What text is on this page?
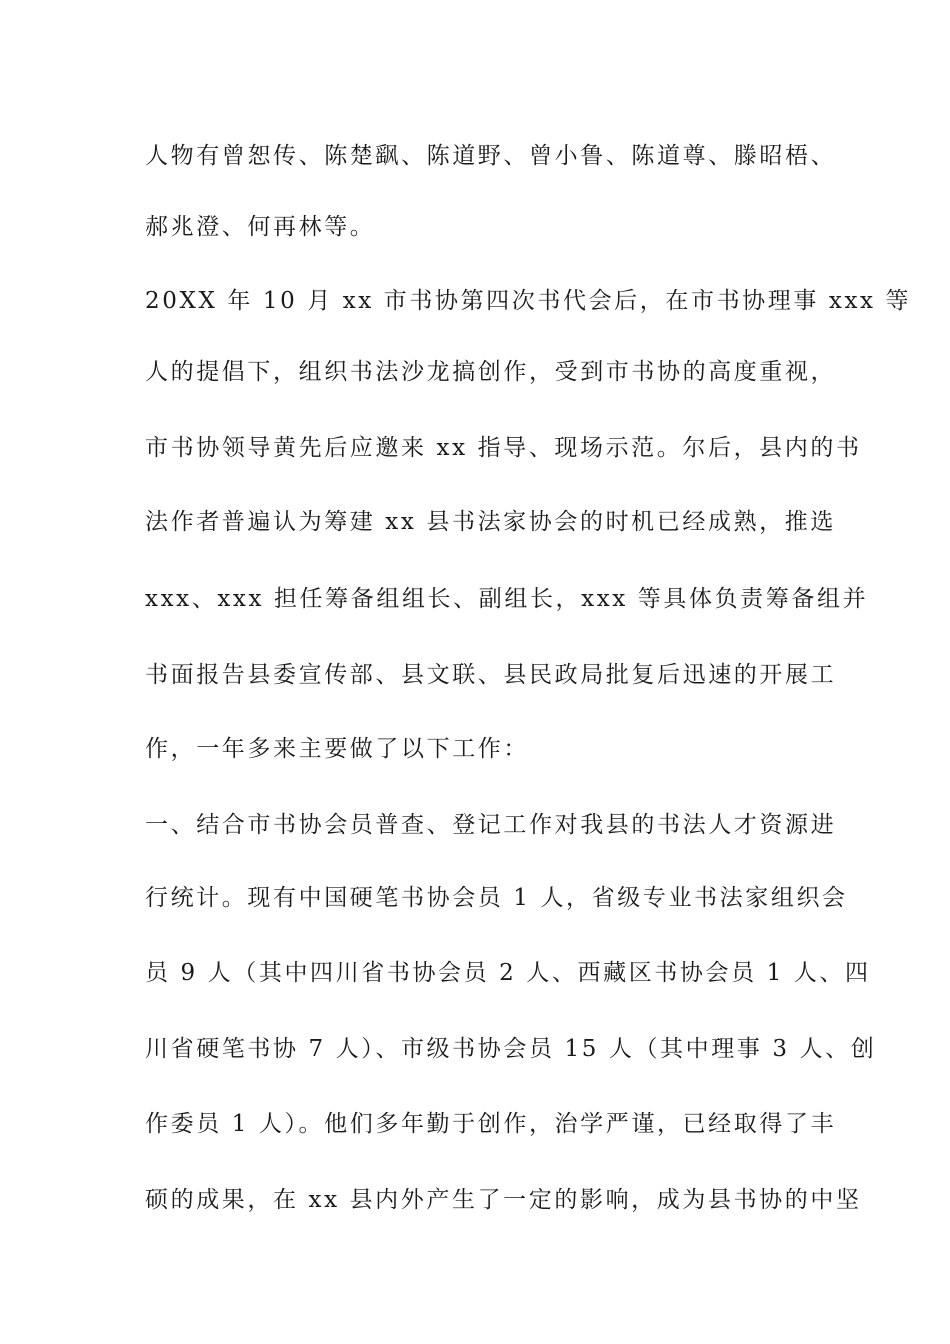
人物有曾恕传、陈楚飖、陈道野、曾小鲁、陈道尊、滕昭梧、

郝兆澄、何再林等。

20XX 年 10 月 xx 市书协第四次书代会后，在市书协理事 xxx 等

人的提倡下，组织书法沙龙搞创作，受到市书协的高度重视，

市书协领导黄先后应邀来 xx 指导、现场示范。尔后，县内的书

法作者普遍认为筹建 xx 县书法家协会的时机已经成熟，推选

xxx、xxx 担任筹备组组长、副组长，xxx 等具体负责筹备组并

书面报告县委宣传部、县文联、县民政局批复后迅速的开展工

作，一年多来主要做了以下工作：

一、结合市书协会员普查、登记工作对我县的书法人才资源进

行统计。现有中国硬笔书协会员 1 人，省级专业书法家组织会

员 9 人（其中四川省书协会员 2 人、西藏区书协会员 1 人、四

川省硬笔书协 7 人）、市级书协会员 15 人（其中理事 3 人、创

作委员 1 人）。他们多年勤于创作，治学严谨，已经取得了丰

硕的成果，在 xx 县内外产生了一定的影响，成为县书协的中坚
